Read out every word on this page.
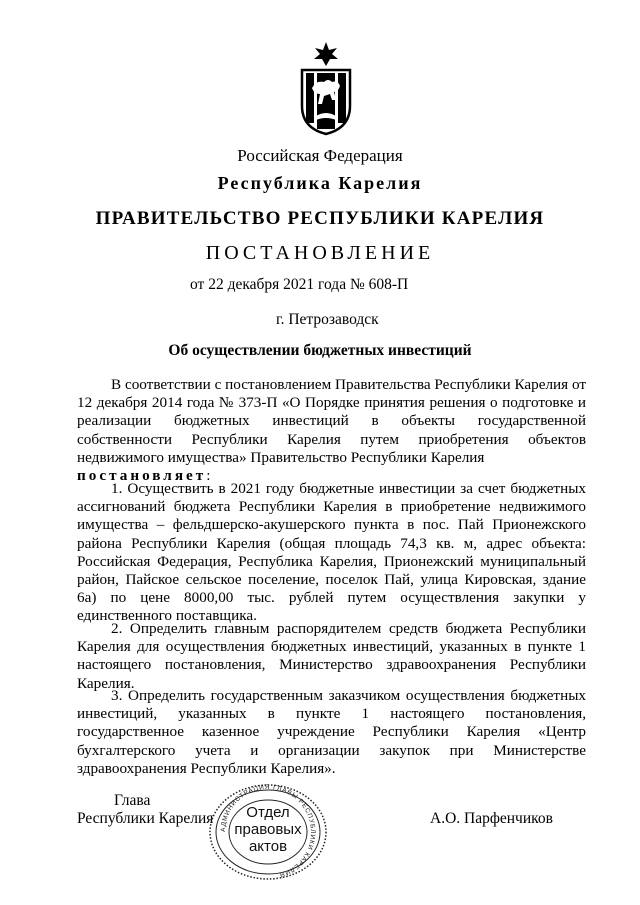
Российская Федерация
Республика Карелия
ПРАВИТЕЛЬСТВО РЕСПУБЛИКИ КАРЕЛИЯ
ПОСТАНОВЛЕНИЕ
от 22 декабря 2021 года № 608-П
г. Петрозаводск
Об осуществлении бюджетных инвестиций
В соответствии с постановлением Правительства Республики Карелия от 12 декабря 2014 года № 373-П «О Порядке принятия решения о подготовке и реализации бюджетных инвестиций в объекты государственной собственности Республики Карелия путем приобретения объектов недвижимого имущества» Правительство Республики Карелия
постановляет:
1. Осуществить в 2021 году бюджетные инвестиции за счет бюджетных ассигнований бюджета Республики Карелия в приобретение недвижимого имущества – фельдшерско-акушерского пункта в пос. Пай Прионежского района Республики Карелия (общая площадь 74,3 кв. м, адрес объекта: Российская Федерация, Республика Карелия, Прионежский муниципальный район, Пайское сельское поселение, поселок Пай, улица Кировская, здание 6а) по цене 8000,00 тыс. рублей путем осуществления закупки у единственного поставщика.
2. Определить главным распорядителем средств бюджета Республики Карелия для осуществления бюджетных инвестиций, указанных в пункте 1 настоящего постановления, Министерство здравоохранения Республики Карелия.
3. Определить государственным заказчиком осуществления бюджетных инвестиций, указанных в пункте 1 настоящего постановления, государственное казенное учреждение Республики Карелия «Центр бухгалтерского учета и организации закупок при Министерстве здравоохранения Республики Карелия».
Глава
Республики Карелия	А.О. Парфенчиков
АДМИНИСТРАЦИЯ ГЛАВЫ РЕСПУБЛИКИ КАРЕЛИЯ
Отдел
правовых
актов
